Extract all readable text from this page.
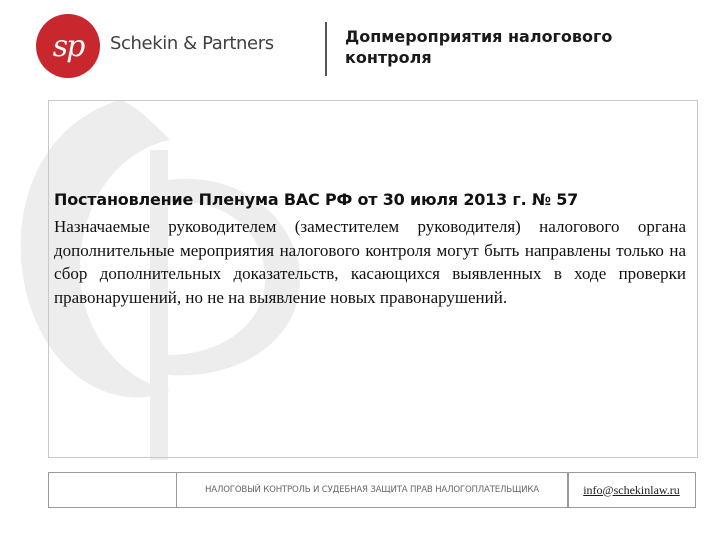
sp Schekin & Partners	Допмероприятия налогового контроля
Постановление Пленума ВАС РФ от 30 июля 2013 г. № 57

Назначаемые руководителем (заместителем руководителя) налогового органа дополнительные мероприятия налогового контроля могут быть направлены только на сбор дополнительных доказательств, касающихся выявленных в ходе проверки правонарушений, но не на выявление новых правонарушений.

НАЛОГОВЫЙ КОНТРОЛЬ И СУДЕБНАЯ ЗАЩИТА ПРАВ НАЛОГОПЛАТЕЛЬЩИКА	info@schekinlaw.ru
